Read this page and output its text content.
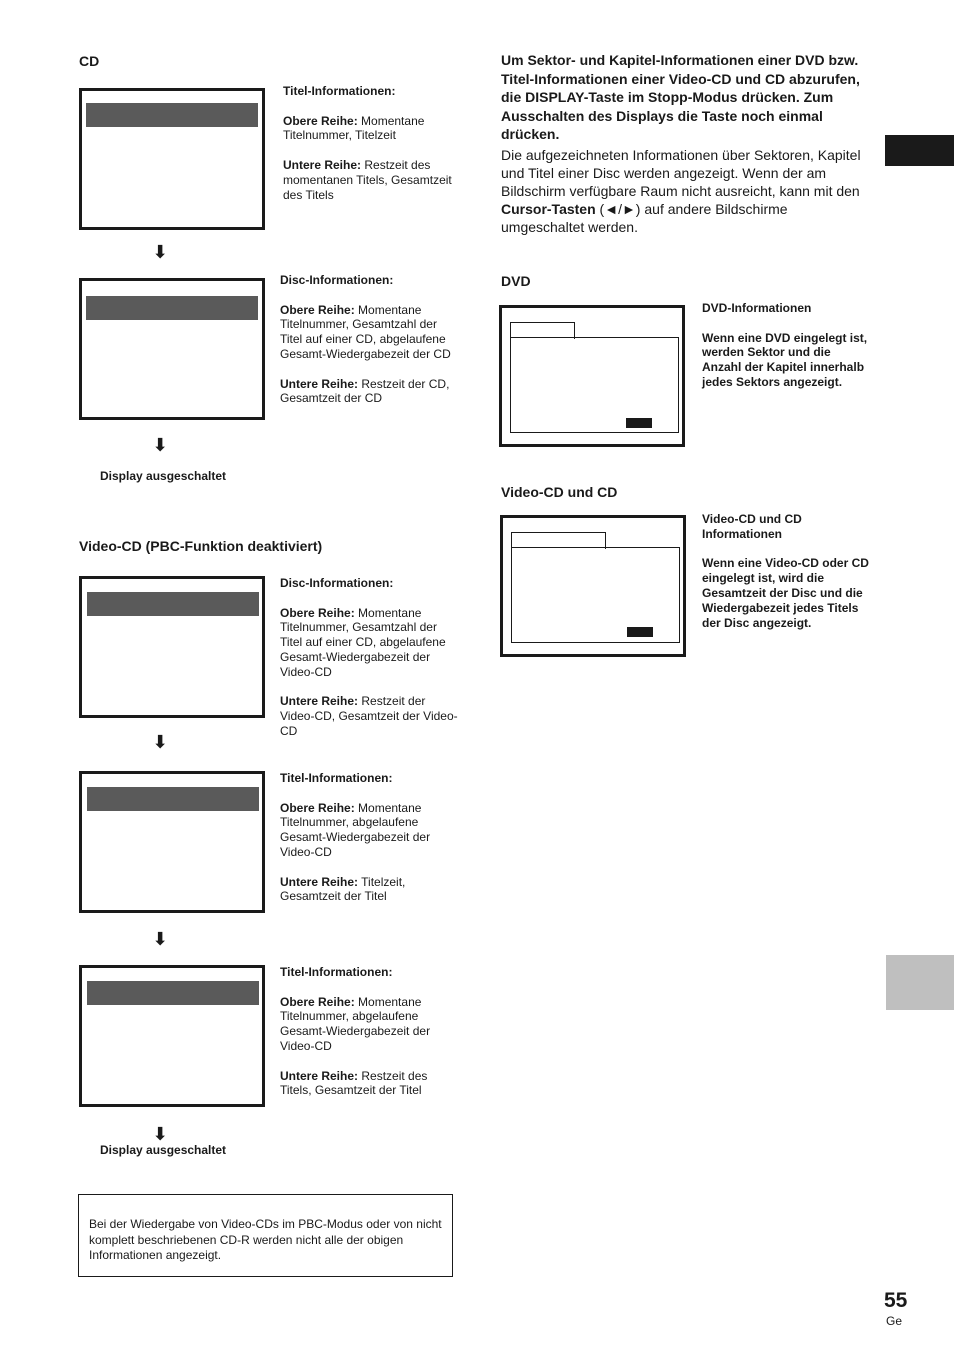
CD

Titel-Informationen:

Obere Reihe: Momentane Titelnummer, Titelzeit

Untere Reihe: Restzeit des momentanen Titels, Gesamtzeit des Titels

⬇

Disc-Informationen:

Obere Reihe: Momentane Titelnummer, Gesamtzahl der Titel auf einer CD, abgelaufene Gesamt-Wiedergabezeit der CD

Untere Reihe: Restzeit der CD, Gesamtzeit der CD

⬇
Display ausgeschaltet
Video-CD (PBC-Funktion deaktiviert)

Disc-Informationen:

Obere Reihe: Momentane Titelnummer, Gesamtzahl der Titel auf einer CD, abgelaufene Gesamt-Wiedergabezeit der Video-CD

Untere Reihe: Restzeit der Video-CD, Gesamtzeit der Video-CD

⬇

Titel-Informationen:

Obere Reihe: Momentane Titelnummer, abgelaufene Gesamt-Wiedergabezeit der Video-CD

Untere Reihe: Titelzeit, Gesamtzeit der Titel

⬇

Titel-Informationen:

Obere Reihe: Momentane Titelnummer, abgelaufene Gesamt-Wiedergabezeit der Video-CD

Untere Reihe: Restzeit des Titels, Gesamtzeit der Titel

⬇
Display ausgeschaltet
Bei der Wiedergabe von Video-CDs im PBC-Modus oder von nicht komplett beschriebenen CD-R werden nicht alle der obigen Informationen angezeigt.
Um Sektor- und Kapitel-Informationen einer DVD bzw. Titel-Informationen einer Video-CD und CD abzurufen, die DISPLAY-Taste im Stopp-Modus drücken. Zum Ausschalten des Displays die Taste noch einmal drücken.
Die aufgezeichneten Informationen über Sektoren, Kapitel und Titel einer Disc werden angezeigt. Wenn der am Bildschirm verfügbare Raum nicht ausreicht, kann mit den Cursor-Tasten (◄/►) auf andere Bildschirme umgeschaltet werden.
DVD

DVD-Informationen

Wenn eine DVD eingelegt ist, werden Sektor und die Anzahl der Kapitel innerhalb jedes Sektors angezeigt.

Video-CD und CD

Video-CD und CD Informationen

Wenn eine Video-CD oder CD eingelegt ist, wird die Gesamtzeit der Disc und die Wiedergabezeit jedes Titels der Disc angezeigt.

55
Ge
